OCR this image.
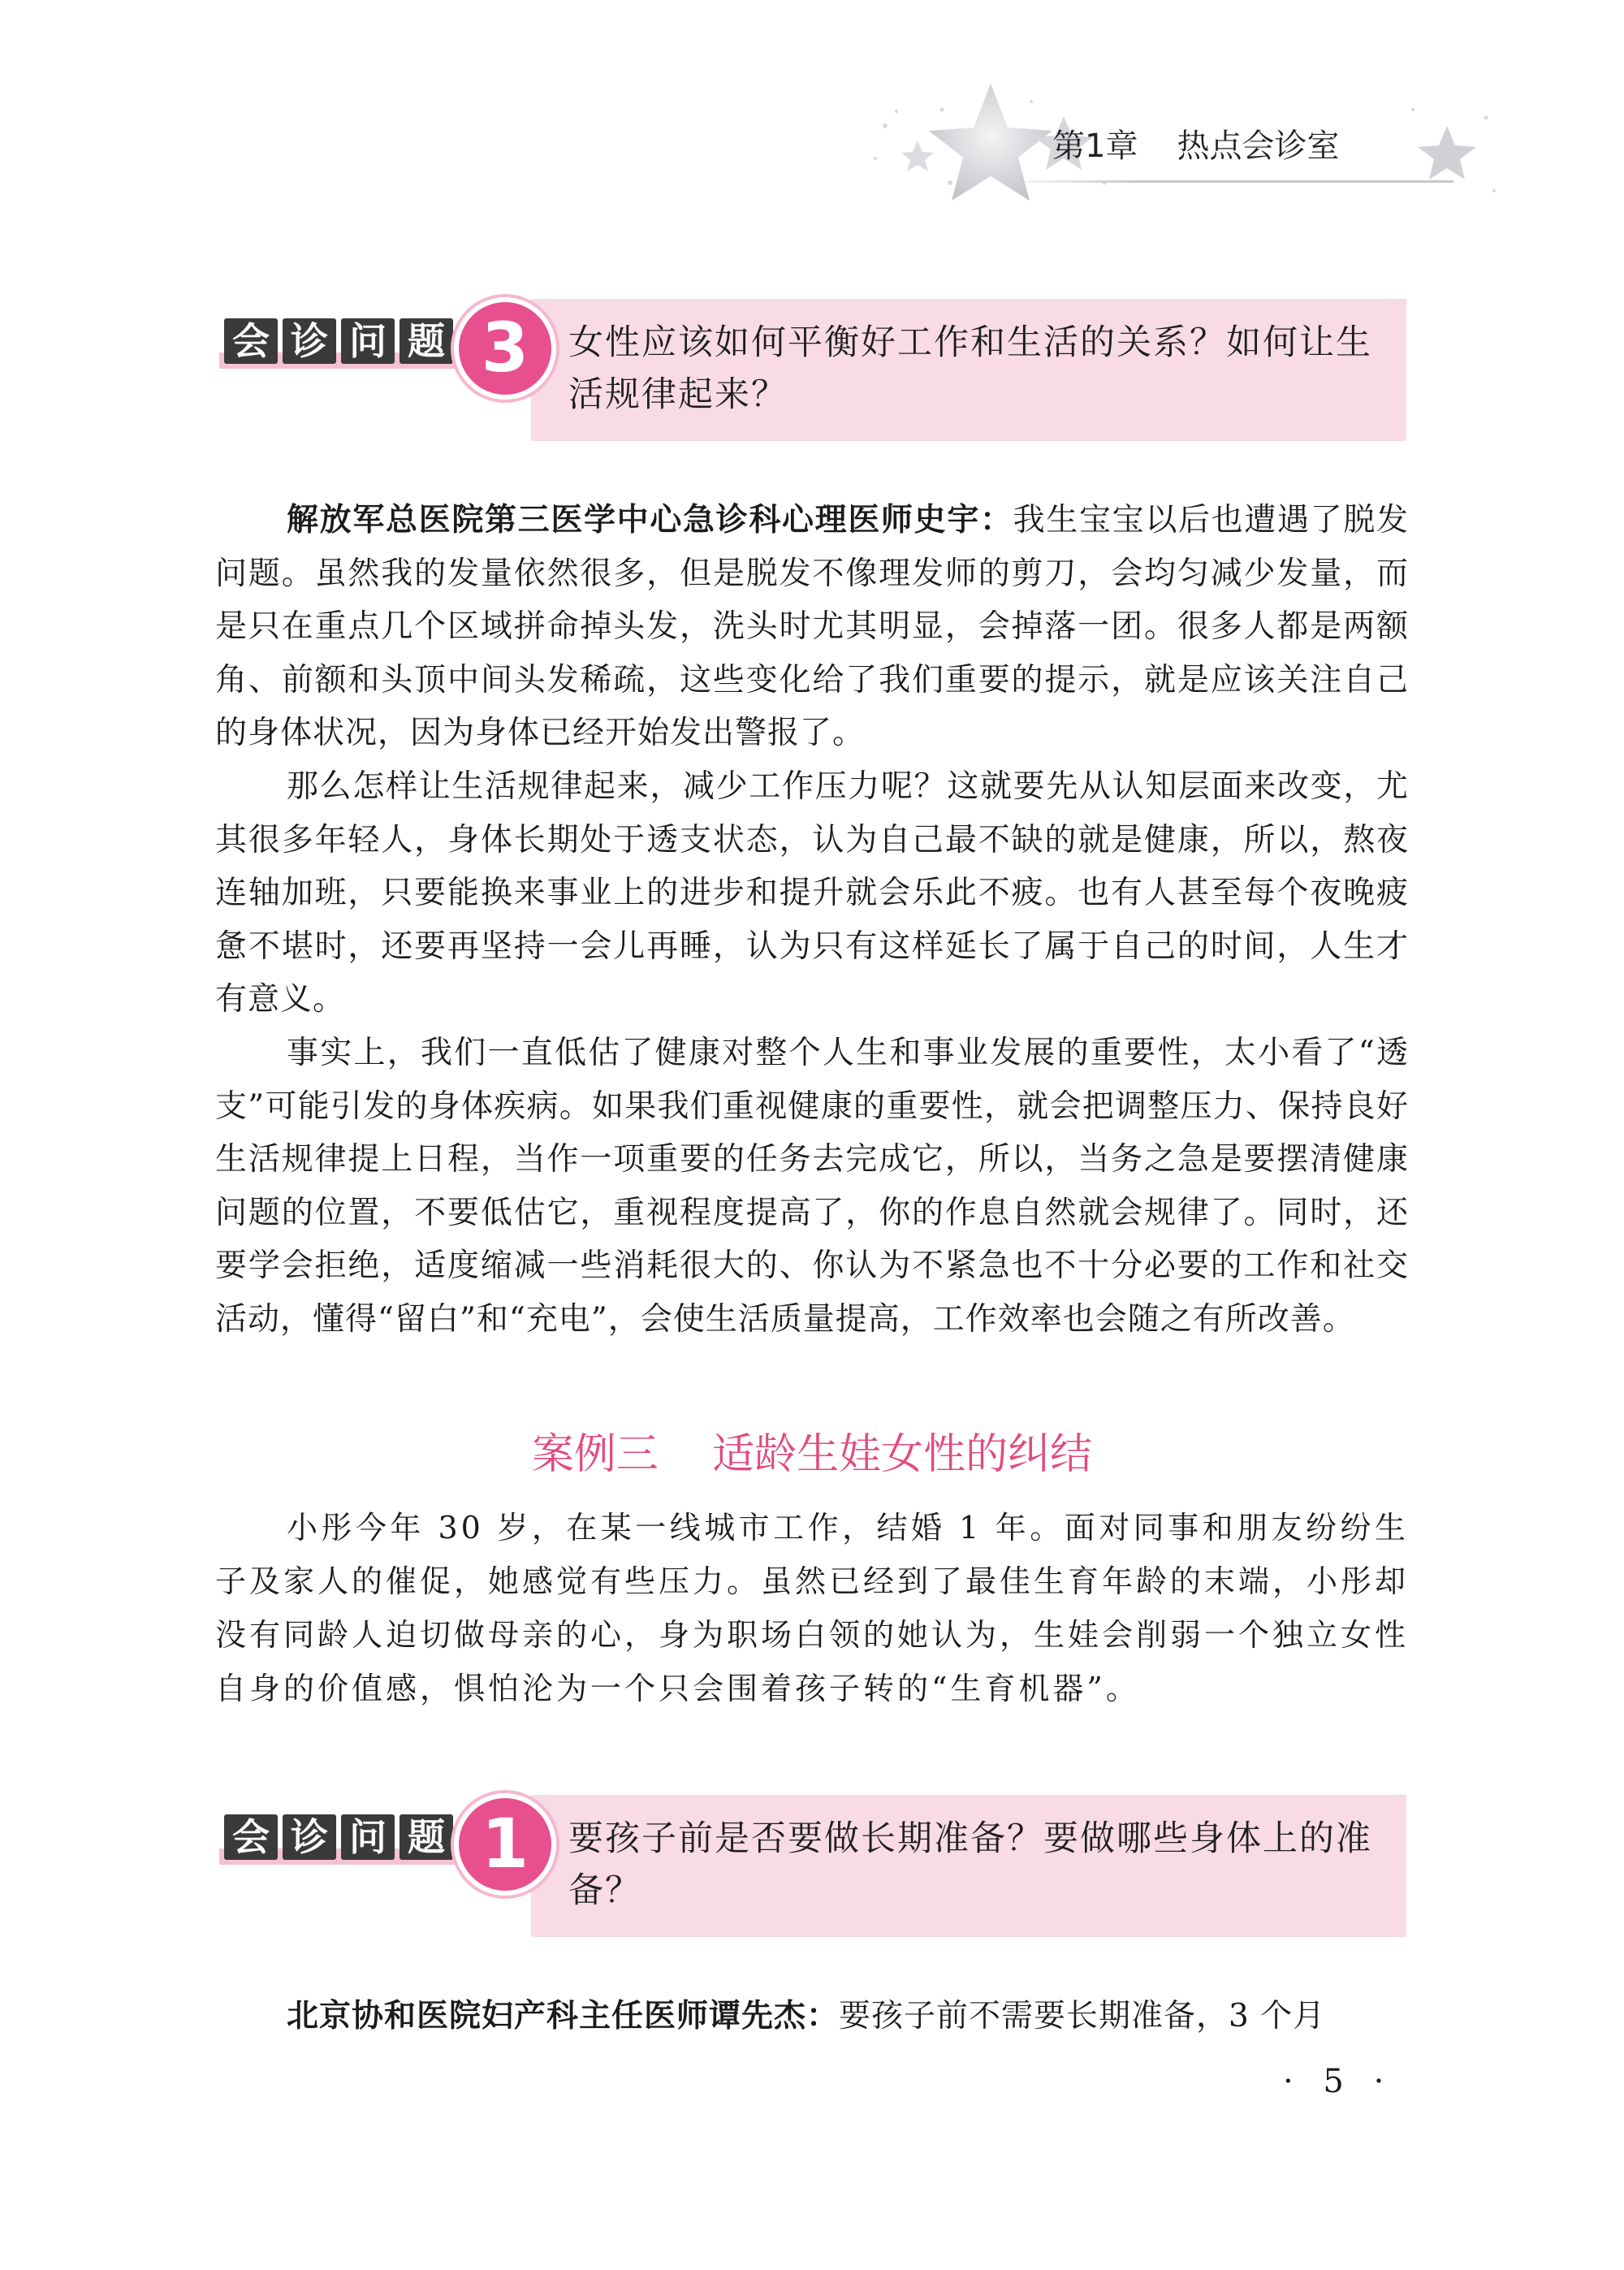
第1章 热点会诊室
会 诊 问 题 3	女性应该如何平衡好工作和生活的关系？如何让生活规律起来？

解放军总医院第三医学中心急诊科心理医师史宇：我生宝宝以后也遭遇了脱发问题。虽然我的发量依然很多，但是脱发不像理发师的剪刀，会均匀减少发量，而是只在重点几个区域拼命掉头发，洗头时尤其明显，会掉落一团。很多人都是两额角、前额和头顶中间头发稀疏，这些变化给了我们重要的提示，就是应该关注自己的身体状况，因为身体已经开始发出警报了。

那么怎样让生活规律起来，减少工作压力呢？这就要先从认知层面来改变，尤其很多年轻人，身体长期处于透支状态，认为自己最不缺的就是健康，所以，熬夜连轴加班，只要能换来事业上的进步和提升就会乐此不疲。也有人甚至每个夜晚疲惫不堪时，还要再坚持一会儿再睡，认为只有这样延长了属于自己的时间，人生才有意义。

事实上，我们一直低估了健康对整个人生和事业发展的重要性，太小看了“透支”可能引发的身体疾病。如果我们重视健康的重要性，就会把调整压力、保持良好生活规律提上日程，当作一项重要的任务去完成它，所以，当务之急是要摆清健康问题的位置，不要低估它，重视程度提高了，你的作息自然就会规律了。同时，还要学会拒绝，适度缩减一些消耗很大的、你认为不紧急也不十分必要的工作和社交活动，懂得“留白”和“充电”，会使生活质量提高，工作效率也会随之有所改善。

案例三 适龄生娃女性的纠结

小彤今年 30 岁，在某一线城市工作，结婚 1 年。面对同事和朋友纷纷生子及家人的催促，她感觉有些压力。虽然已经到了最佳生育年龄的末端，小彤却没有同龄人迫切做母亲的心，身为职场白领的她认为，生娃会削弱一个独立女性自身的价值感，惧怕沦为一个只会围着孩子转的“生育机器”。

会 诊 问 题 1	要孩子前是否要做长期准备？要做哪些身体上的准备？

北京协和医院妇产科主任医师谭先杰：要孩子前不需要长期准备，3 个月

· 5 ·
